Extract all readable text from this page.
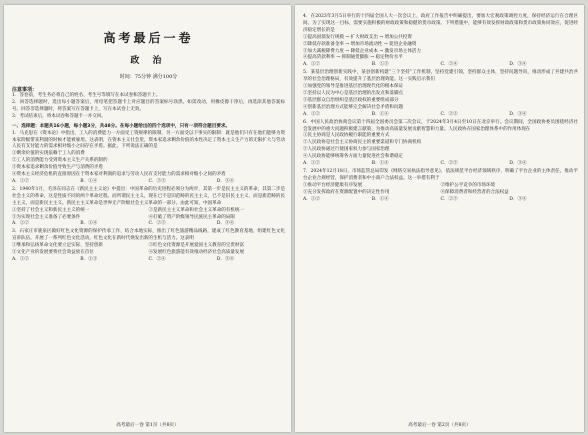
高考最后一卷
政 治
时间：75分钟 满分100分
注意事项：

1．答卷前，考生务必将自己的姓名、考生号等填写在本试卷和答题卡上。

2．回答选择题时，选出每小题答案后，用铅笔把答题卡上对应题目的答案标号涂黑。如需改动，用橡皮擦干净后，再选涂其他答案标号。回答非选择题时，将答案写在答题卡上，写在本试卷上无效。

3．考试结束后，将本试卷和答题卡一并交回。

一、选择题：本题共16小题，每小题3分，共48分。在每小题给出的四个选项中，只有一项符合题目要求。

1．马克思在《资本论》中指出，工人的消费能力一方面受工资规律的限制，另一方面受以下事实的限制：就是他们只有在他们能够为资本家阶级带来利润的时候才能被雇用。这表明，在资本主义社会里，资本家追求剩余价值的本性决定了资本主义生产力的无限扩大与劳动人民有支付能力的需求相对缩小之间存在矛盾。据此，下列说法正确的是

①剩余价值的实现依赖于工人的消费

②工人的消费能力受到资本主义生产关系的制约

③资本家追求剩余价值导致生产与消费的矛盾

④资本主义经济危机的直接原因在于资本家对利润的追求与劳动人民有支付能力的需求相对缩小之间的矛盾

A．①②	B．①④	C．②③	D．③④

2．1940年1月，毛泽东同志在《新民主主义论》中提出：中国革命的历史进程必须分为两步，其第一步是民主主义的革命，其第二步是社会主义的革命，这是性质不同的两个革命过程。而所谓民主主义，现在已不是旧范畴的民主主义，已不是旧民主主义，而是新范畴的民主主义，而是新民主主义。新民主主义革命是世界无产阶级社会主义革命的一部分。由此可知，中国革命

①坚持了社会主义和新民主主义的统一	②是新民主主义革命和社会主义革命的有机统一
③为实现社会主义准备了必要条件	④打破了资产阶级领导民族民主革命的局限
A．①②	B．①④	C．②③	D．③④

3．石家庄市鹿泉区做好红色文化资源的保护传承工作，结合本地实际，推出了红色旅游精品线路，建成了红色教育基地，组建红色文化宣讲队伍，开展了一系列红色文化活动，红色文化在新时代焕发出新的生机与活力。这表明

①继承和弘扬革命文化要立足实际、坚持创新	②红色文化资源是开展爱国主义教育的宝贵财富
③文化产业的发展要将社会效益放在首位	④发展红色旅游能有效推动经济社会高质量发展
A．①②	B．①③	C．②④	D．③④
高考最后一卷 第1页（共8页）

4．在2023年3月5日举行的十四届全国人大一次会议上，政府工作报告中明确提出，要加大宏观政策调控力度，保持经济运行在合理区间。为了实现这一目标，需要实施积极的财政政策和稳健的货币政策。下列措施中，能够有效发挥财政政策和货币政策协同效应，促进经济稳定增长的是

①提高国债发行规模 → 扩大财政支出 → 增加公共投资

②降低存款准备金率 → 增加市场流动性 → 促进企业融资

③加大减税降费力度 → 降低企业成本 → 激发市场主体活力

④提高贷款利率 → 抑制通货膨胀 → 稳定物价水平

A．①②	B．①③	C．②④	D．③④

5．某基层治理创新实践中，某县创新构建“三个坚持”工作机制，坚持党建引领，坚持群众主体，坚持问题导向，推动形成了共建共治共享的社会治理格局，有效提升了基层治理效能。这一实践启示我们

①加强党的领导是推进基层治理现代化的根本保证

②坚持以人民为中心是基层治理的出发点和落脚点

③基层群众自治组织是基层政权的重要组成部分

④创新基层治理方式能够完全解决社会矛盾和问题

A．①②	B．①④	C．②③	D．③④

6．中国人民政治协商会议第十四届全国委员会第二次会议，于2024年3月4日至10日在北京举行。会议期间，全国政协委员围绕经济社会发展中的重大问题积极建言献策，为推动高质量发展贡献智慧和力量。人民政协在国家治理体系中的作用体现在

①民主协商是人民政协履行职能的重要方式

②人民政协是社会主义协商民主的重要渠道和专门协商机构

③人民政协通过行使国家权力参与国家治理

④人民政协能够统筹各方面力量促进社会和谐稳定

A．①②	B．①④	C．②③	D．③④

7．2024年12月18日，市场监管总局印发《网络交易执法指导意见》，依法规范平台经济领域秩序，明确了平台企业的主体责任，推动平台企业合规经营，保护消费者和中小商户合法权益。这一举措有利于

①推动平台经济健康有序发展	②维护公平竞争的市场环境
③充分发挥政府在资源配置中的决定性作用	④保障消费者和经营者的合法权益
A．①②	B．①④	C．②③	D．③④
高考最后一卷 第2页（共8页）
